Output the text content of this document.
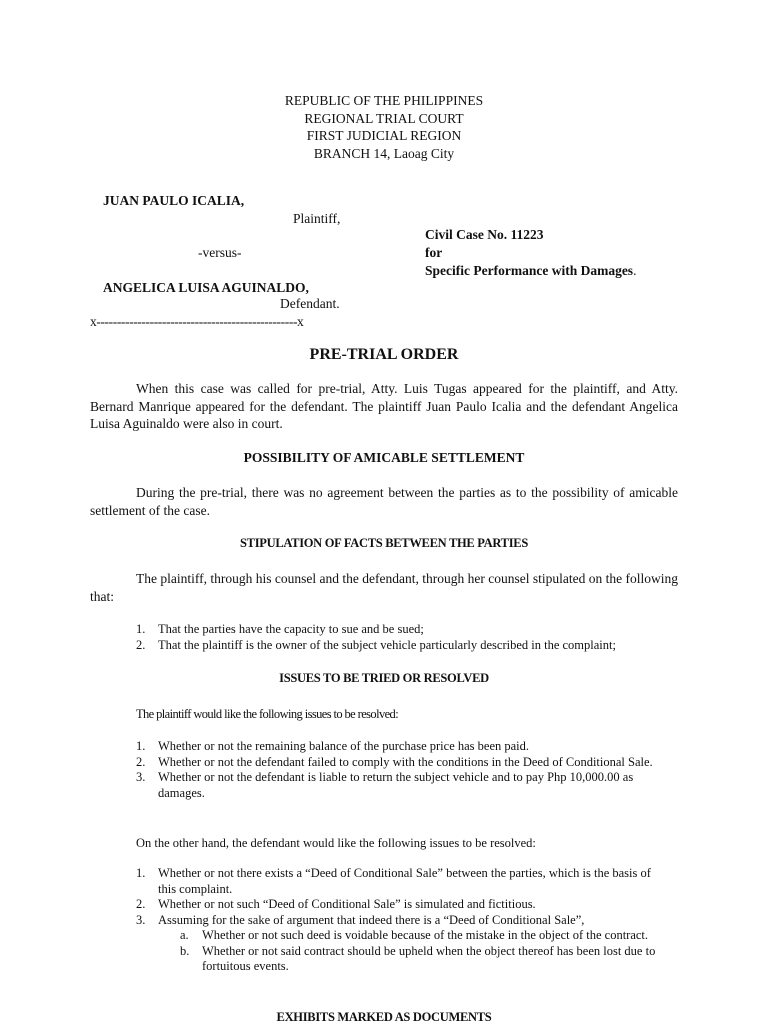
REPUBLIC OF THE PHILIPPINES
REGIONAL TRIAL COURT
FIRST JUDICIAL REGION
BRANCH 14, Laoag City
JUAN PAULO ICALIA,
Plaintiff,
-versus-
ANGELICA LUISA AGUINALDO,
Defendant.
x-------------------------------------------------x
Civil Case No. 11223
for
Specific Performance with Damages.
PRE-TRIAL ORDER

When this case was called for pre-trial, Atty. Luis Tugas appeared for the plaintiff, and Atty. Bernard Manrique appeared for the defendant. The plaintiff Juan Paulo Icalia and the defendant Angelica Luisa Aguinaldo were also in court.

POSSIBILITY OF AMICABLE SETTLEMENT

During the pre-trial, there was no agreement between the parties as to the possibility of amicable settlement of the case.

STIPULATION OF FACTS BETWEEN THE PARTIES

The plaintiff, through his counsel and the defendant, through her counsel stipulated on the following that:

1. That the parties have the capacity to sue and be sued;
2. That the plaintiff is the owner of the subject vehicle particularly described in the complaint;
ISSUES TO BE TRIED OR RESOLVED
The plaintiff would like the following issues to be resolved:
1. Whether or not the remaining balance of the purchase price has been paid.
2. Whether or not the defendant failed to comply with the conditions in the Deed of Conditional Sale.
3. Whether or not the defendant is liable to return the subject vehicle and to pay Php 10,000.00 as damages.
On the other hand, the defendant would like the following issues to be resolved:
1. Whether or not there exists a “Deed of Conditional Sale” between the parties, which is the basis of this complaint.
2. Whether or not such “Deed of Conditional Sale” is simulated and fictitious.
3. Assuming for the sake of argument that indeed there is a “Deed of Conditional Sale”,
a. Whether or not such deed is voidable because of the mistake in the object of the contract.
b. Whether or not said contract should be upheld when the object thereof has been lost due to fortuitous events.
EXHIBITS MARKED AS DOCUMENTS
